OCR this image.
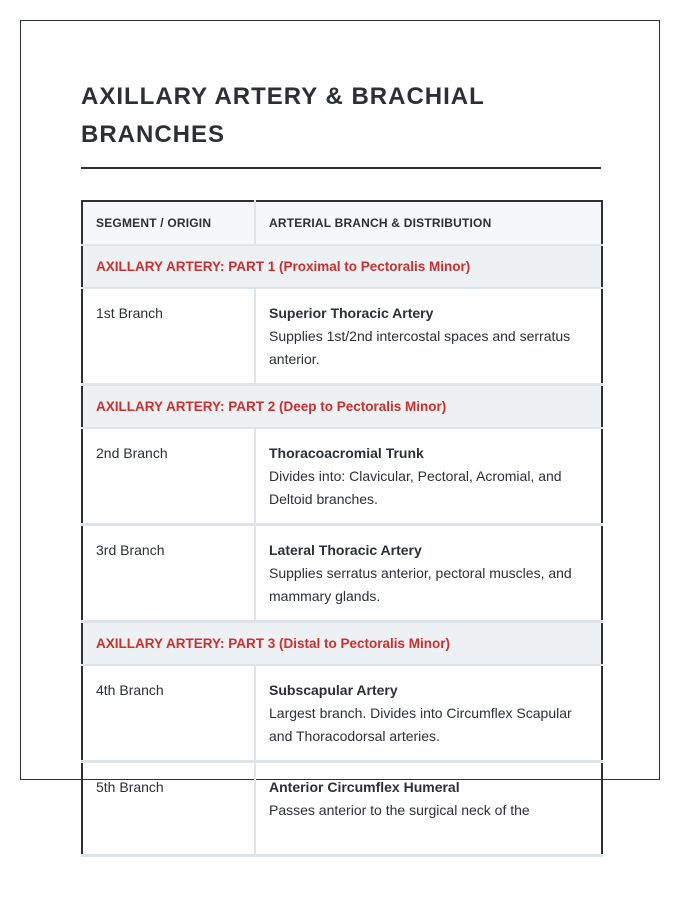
AXILLARY ARTERY & BRACHIAL BRANCHES
SEGMENT / ORIGIN	ARTERIAL BRANCH & DISTRIBUTION
AXILLARY ARTERY: PART 1 (Proximal to Pectoralis Minor)	
1st Branch	Superior Thoracic Artery
Supplies 1st/2nd intercostal spaces and serratus anterior.

AXILLARY ARTERY: PART 2 (Deep to Pectoralis Minor)	
2nd Branch	Thoracoacromial Trunk
Divides into: Clavicular, Pectoral, Acromial, and Deltoid branches.

3rd Branch	Lateral Thoracic Artery
Supplies serratus anterior, pectoral muscles, and mammary glands.

AXILLARY ARTERY: PART 3 (Distal to Pectoralis Minor)	
4th Branch	Subscapular Artery
Largest branch. Divides into Circumflex Scapular and Thoracodorsal arteries.

5th Branch	Anterior Circumflex Humeral
Passes anterior to the surgical neck of the
